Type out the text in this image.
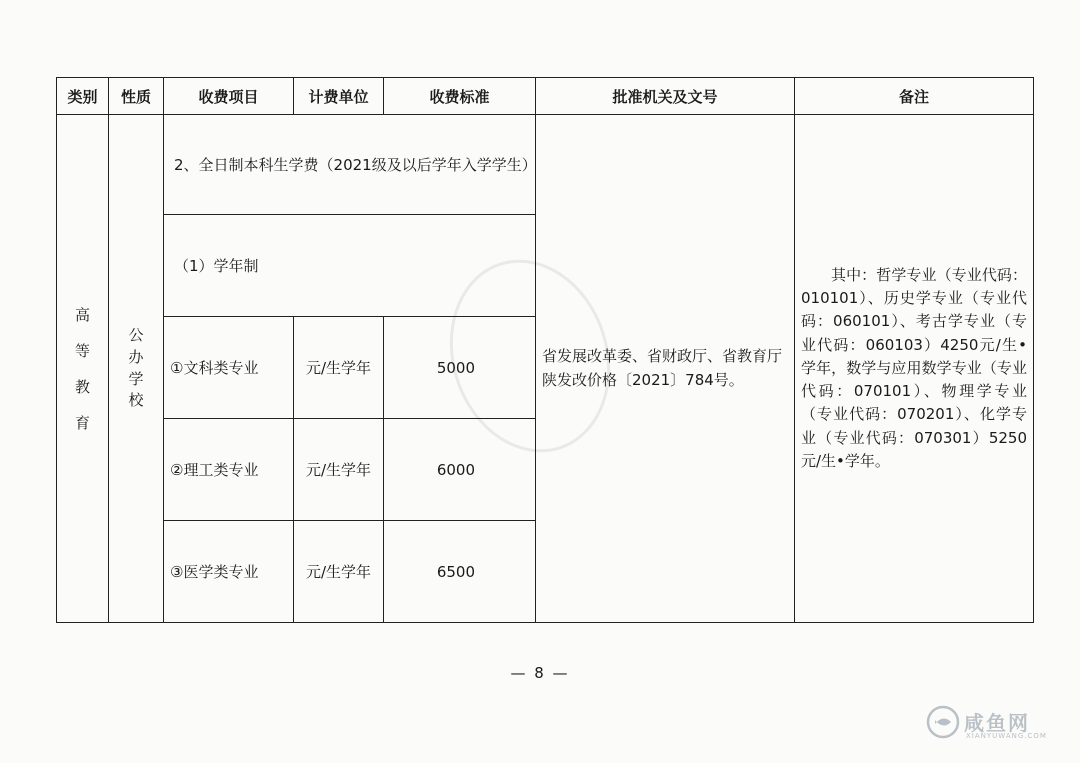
类别	性质	收费项目	计费单位	收费标准	批准机关及文号	备注
高等教育	公办学校	2、全日制本科生学费（2021级及以后学年入学学生）			省发展改革委、省财政厅、省教育厅陕发改价格〔2021〕784号。	其中：哲学专业（专业代码：010101）、历史学专业（专业代码：060101）、考古学专业（专业代码：060103）4250元/生•学年，数学与应用数学专业（专业代码：070101）、物理学专业（专业代码：070201）、化学专业（专业代码：070301）5250元/生•学年。

		（1）学年制				
		①文科类专业	元/生学年	5000		
		②理工类专业	元/生学年	6000		
		③医学类专业	元/生学年	6500		
— 8 —
咸鱼网
XIANYUWANG.COM
